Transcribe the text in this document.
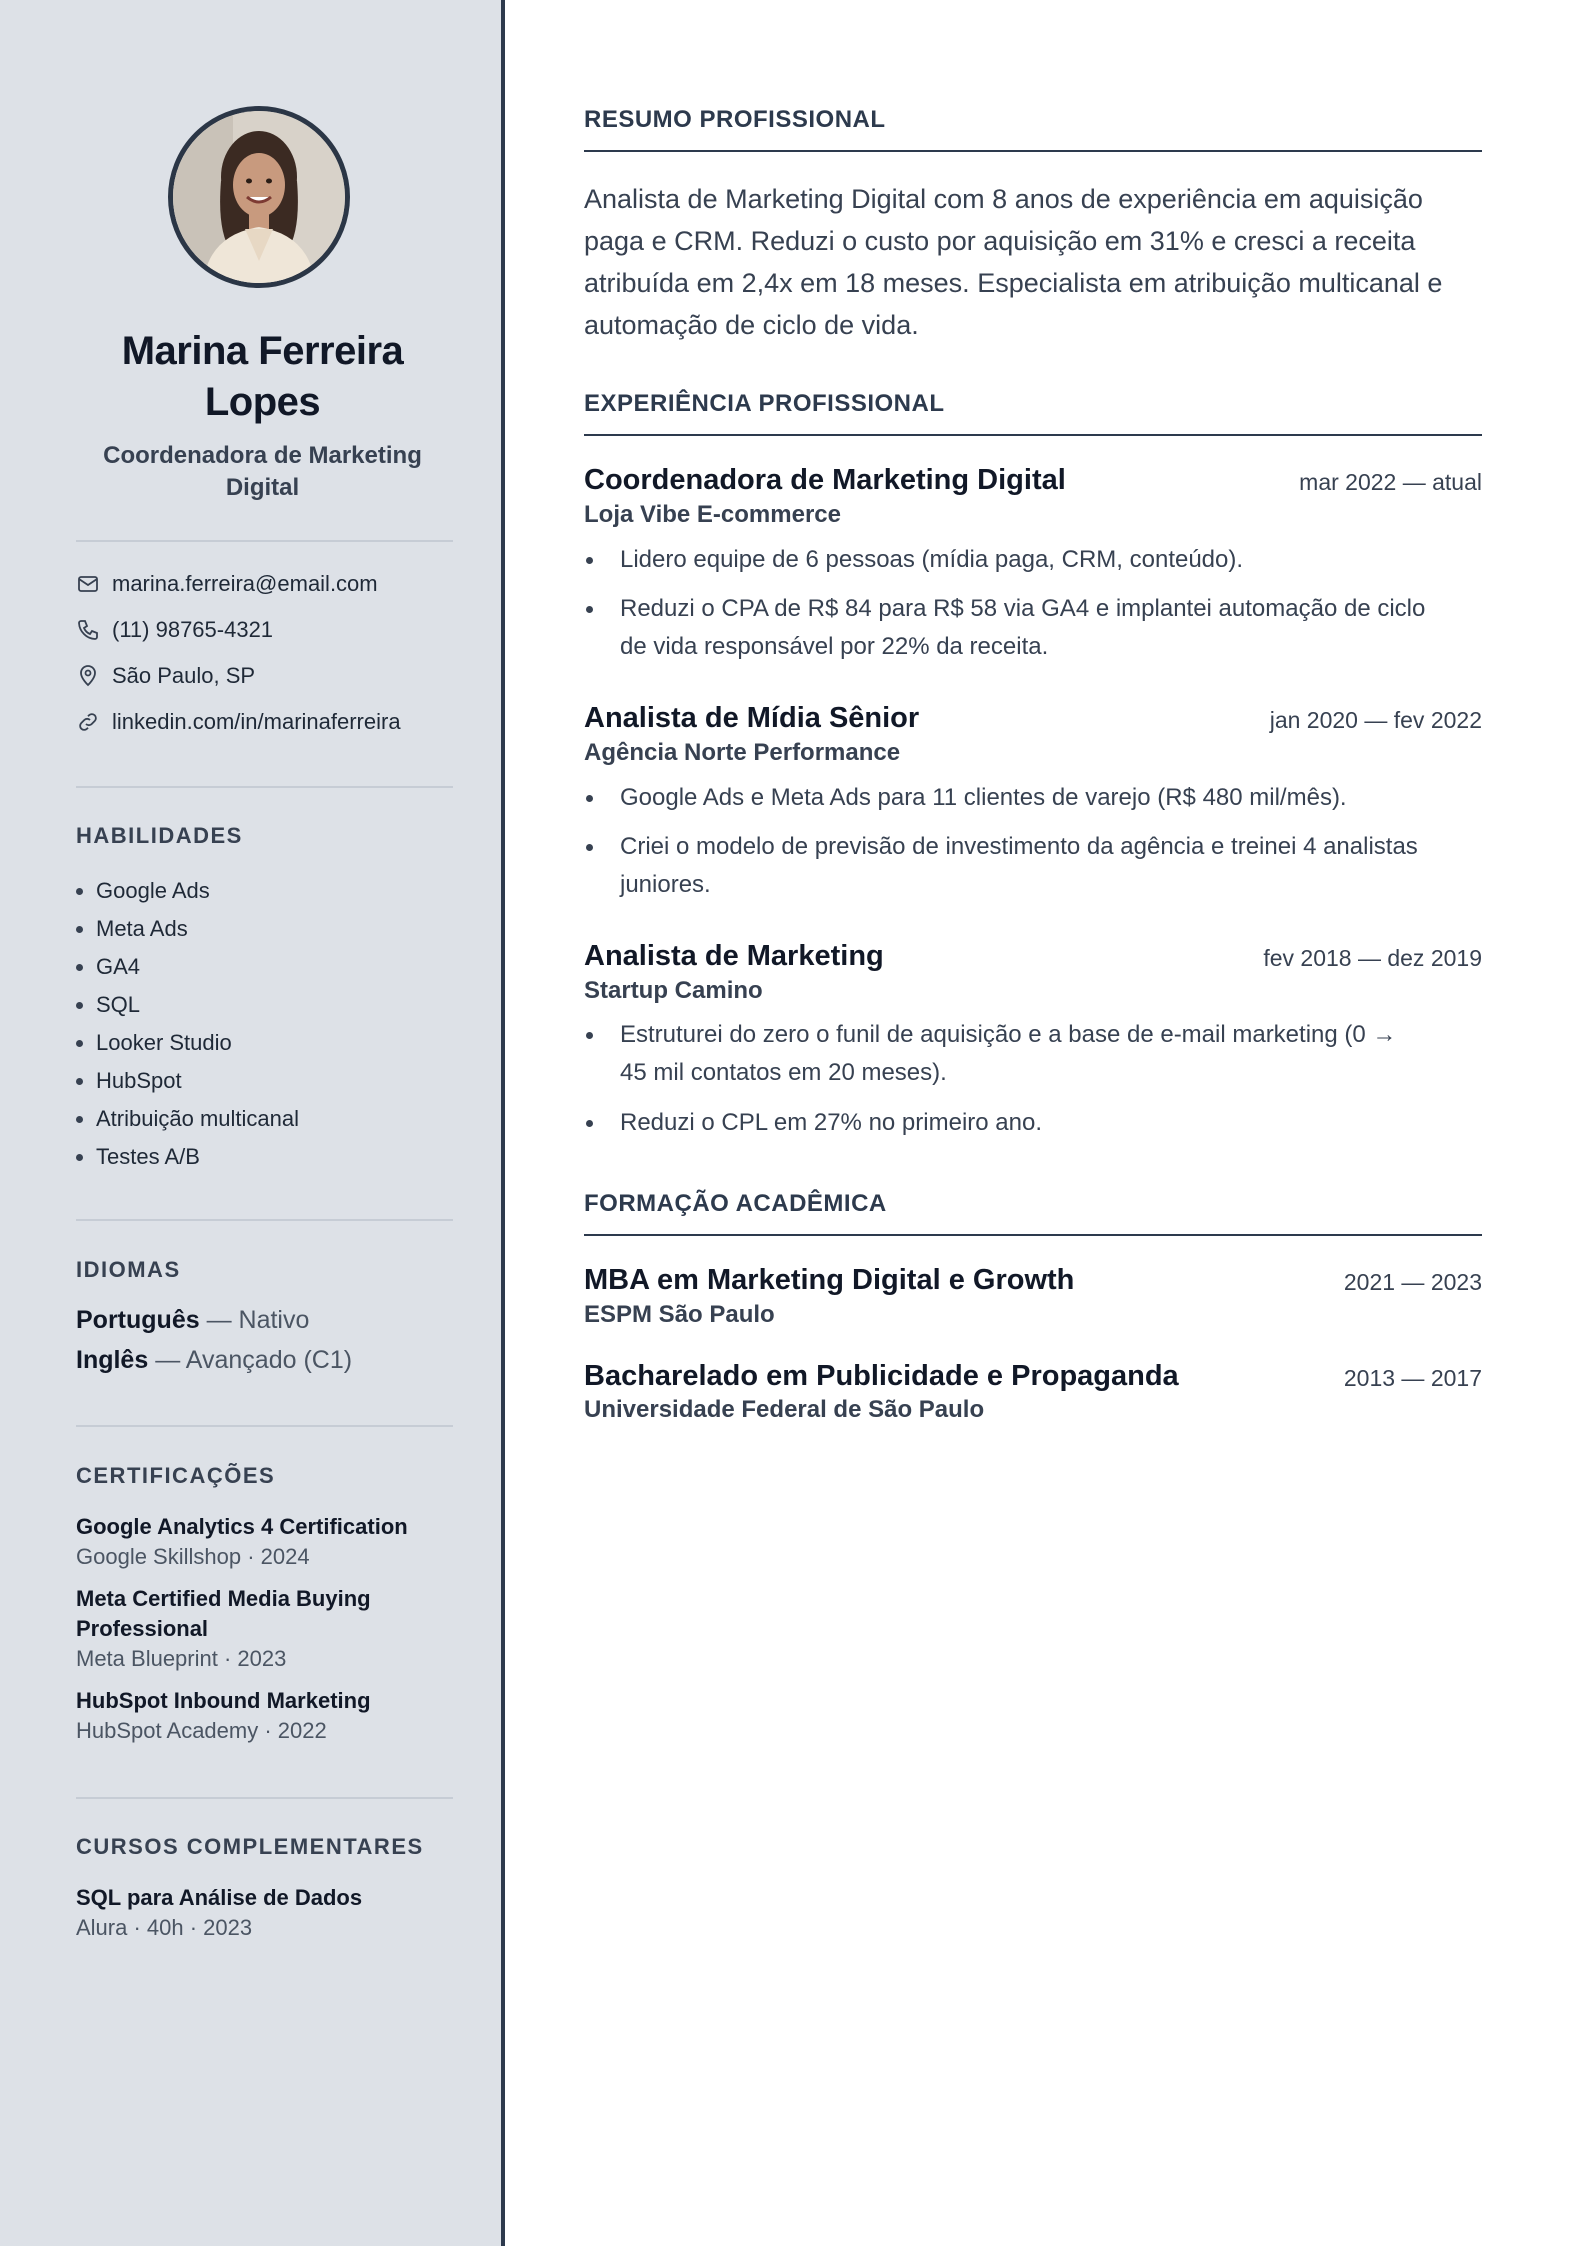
Marina Ferreira
Lopes
Coordenadora de Marketing
Digital
marina.ferreira@email.com
(11) 98765-4321
São Paulo, SP
linkedin.com/in/marinaferreira
HABILIDADES
Google Ads
Meta Ads
GA4
SQL
Looker Studio
HubSpot
Atribuição multicanal
Testes A/B
IDIOMAS
Português — Nativo
Inglês — Avançado (C1)
CERTIFICAÇÕES
Google Analytics 4 Certification
Google Skillshop · 2024
Meta Certified Media Buying
Professional
Meta Blueprint · 2023
HubSpot Inbound Marketing
HubSpot Academy · 2022
CURSOS COMPLEMENTARES
SQL para Análise de Dados
Alura · 40h · 2023
RESUMO PROFISSIONAL
Analista de Marketing Digital com 8 anos de experiência em aquisição
paga e CRM. Reduzi o custo por aquisição em 31% e cresci a receita
atribuída em 2,4x em 18 meses. Especialista em atribuição multicanal e
automação de ciclo de vida.
EXPERIÊNCIA PROFISSIONAL
Coordenadora de Marketing Digital	mar 2022 — atual
Loja Vibe E-commerce
Lidero equipe de 6 pessoas (mídia paga, CRM, conteúdo).
Reduzi o CPA de R$ 84 para R$ 58 via GA4 e implantei automação de ciclo
de vida responsável por 22% da receita.
Analista de Mídia Sênior	jan 2020 — fev 2022
Agência Norte Performance
Google Ads e Meta Ads para 11 clientes de varejo (R$ 480 mil/mês).
Criei o modelo de previsão de investimento da agência e treinei 4 analistas
juniores.
Analista de Marketing	fev 2018 — dez 2019
Startup Camino
Estruturei do zero o funil de aquisição e a base de e-mail marketing (0 →
45 mil contatos em 20 meses).
Reduzi o CPL em 27% no primeiro ano.
FORMAÇÃO ACADÊMICA
MBA em Marketing Digital e Growth	2021 — 2023
ESPM São Paulo
Bacharelado em Publicidade e Propaganda	2013 — 2017
Universidade Federal de São Paulo
